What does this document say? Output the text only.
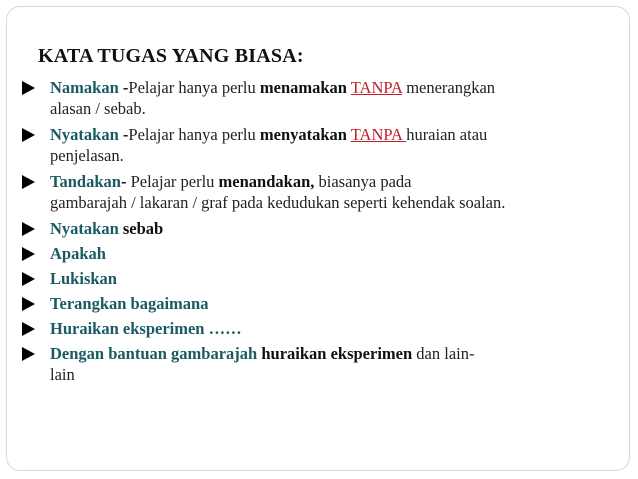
KATA TUGAS YANG BIASA:
Namakan -Pelajar hanya perlu menamakan TANPA menerangkan
alasan / sebab.
Nyatakan -Pelajar hanya perlu menyatakan TANPA huraian atau
penjelasan.
Tandakan- Pelajar perlu menandakan, biasanya pada
gambarajah / lakaran / graf pada kedudukan seperti kehendak soalan.
Nyatakan sebab
Apakah
Lukiskan
Terangkan bagaimana
Huraikan eksperimen ……
Dengan bantuan gambarajah huraikan eksperimen dan lain-
lain
